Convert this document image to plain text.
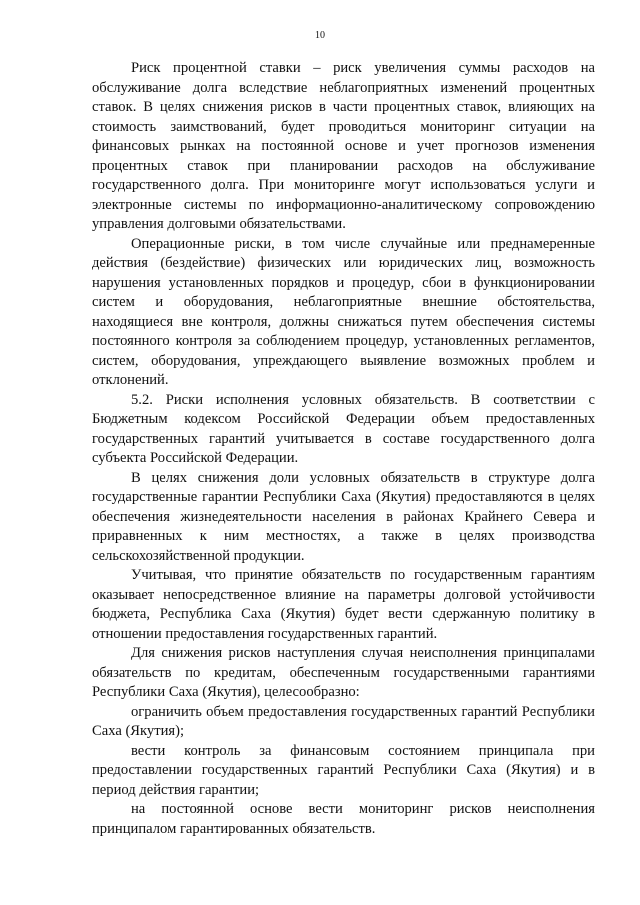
10

Риск процентной ставки – риск увеличения суммы расходов на обслуживание долга вследствие неблагоприятных изменений процентных ставок. В целях снижения рисков в части процентных ставок, влияющих на стоимость заимствований, будет проводиться мониторинг ситуации на финансовых рынках на постоянной основе и учет прогнозов изменения процентных ставок при планировании расходов на обслуживание государственного долга. При мониторинге могут использоваться услуги и электронные системы по информационно-аналитическому сопровождению управления долговыми обязательствами.

Операционные риски, в том числе случайные или преднамеренные действия (бездействие) физических или юридических лиц, возможность нарушения установленных порядков и процедур, сбои в функционировании систем и оборудования, неблагоприятные внешние обстоятельства, находящиеся вне контроля, должны снижаться путем обеспечения системы постоянного контроля за соблюдением процедур, установленных регламентов, систем, оборудования, упреждающего выявление возможных проблем и отклонений.

5.2. Риски исполнения условных обязательств. В соответствии с Бюджетным кодексом Российской Федерации объем предоставленных государственных гарантий учитывается в составе государственного долга субъекта Российской Федерации.

В целях снижения доли условных обязательств в структуре долга государственные гарантии Республики Саха (Якутия) предоставляются в целях обеспечения жизнедеятельности населения в районах Крайнего Севера и приравненных к ним местностях, а также в целях производства сельскохозяйственной продукции.

Учитывая, что принятие обязательств по государственным гарантиям оказывает непосредственное влияние на параметры долговой устойчивости бюджета, Республика Саха (Якутия) будет вести сдержанную политику в отношении предоставления государственных гарантий.

Для снижения рисков наступления случая неисполнения принципалами обязательств по кредитам, обеспеченным государственными гарантиями Республики Саха (Якутия), целесообразно:

ограничить объем предоставления государственных гарантий Республики Саха (Якутия);

вести контроль за финансовым состоянием принципала при предоставлении государственных гарантий Республики Саха (Якутия) и в период действия гарантии;

на постоянной основе вести мониторинг рисков неисполнения принципалом гарантированных обязательств.
